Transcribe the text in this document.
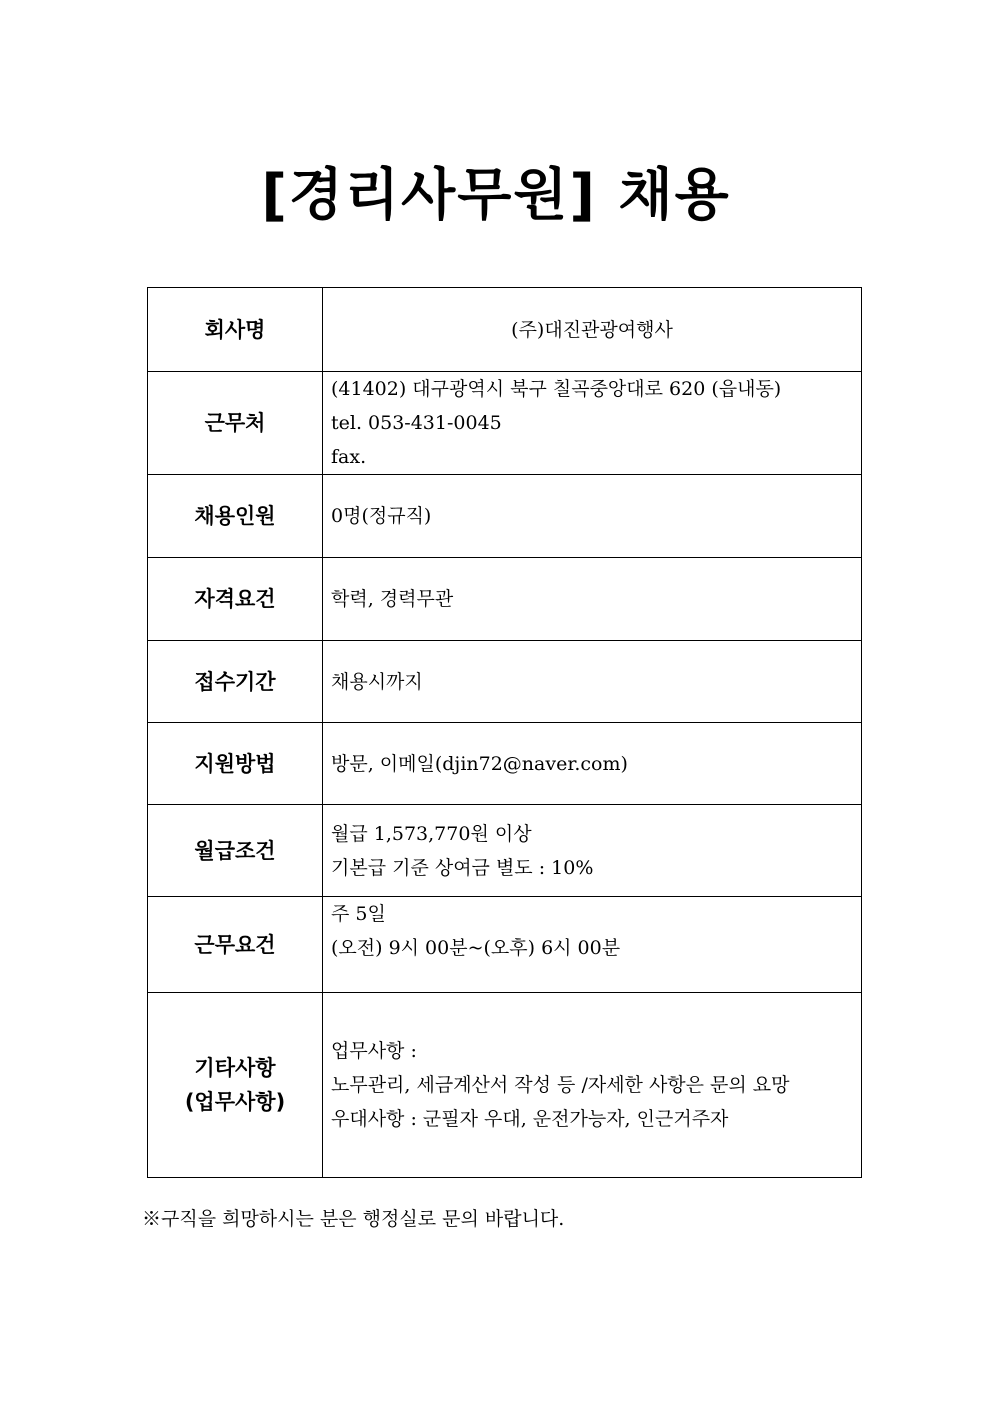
[경리사무원] 채용
회사명	(주)대진관광여행사
근무처	(41402) 대구광역시 북구 칠곡중앙대로 620 (읍내동)
tel. 053-431-0045
fax.

채용인원	0명(정규직)
자격요건	학력, 경력무관
접수기간	채용시까지
지원방법	방문, 이메일(djin72@naver.com)
월급조건	월급 1,573,770원 이상
기본급 기준 상여금 별도 : 10%

근무요건	주 5일
(오전) 9시 00분~(오후) 6시 00분

기타사항
(업무사항)	업무사항 :
노무관리, 세금계산서 작성 등 /자세한 사항은 문의 요망
우대사항 : 군필자 우대, 운전가능자, 인근거주자

※구직을 희망하시는 분은 행정실로 문의 바랍니다.
